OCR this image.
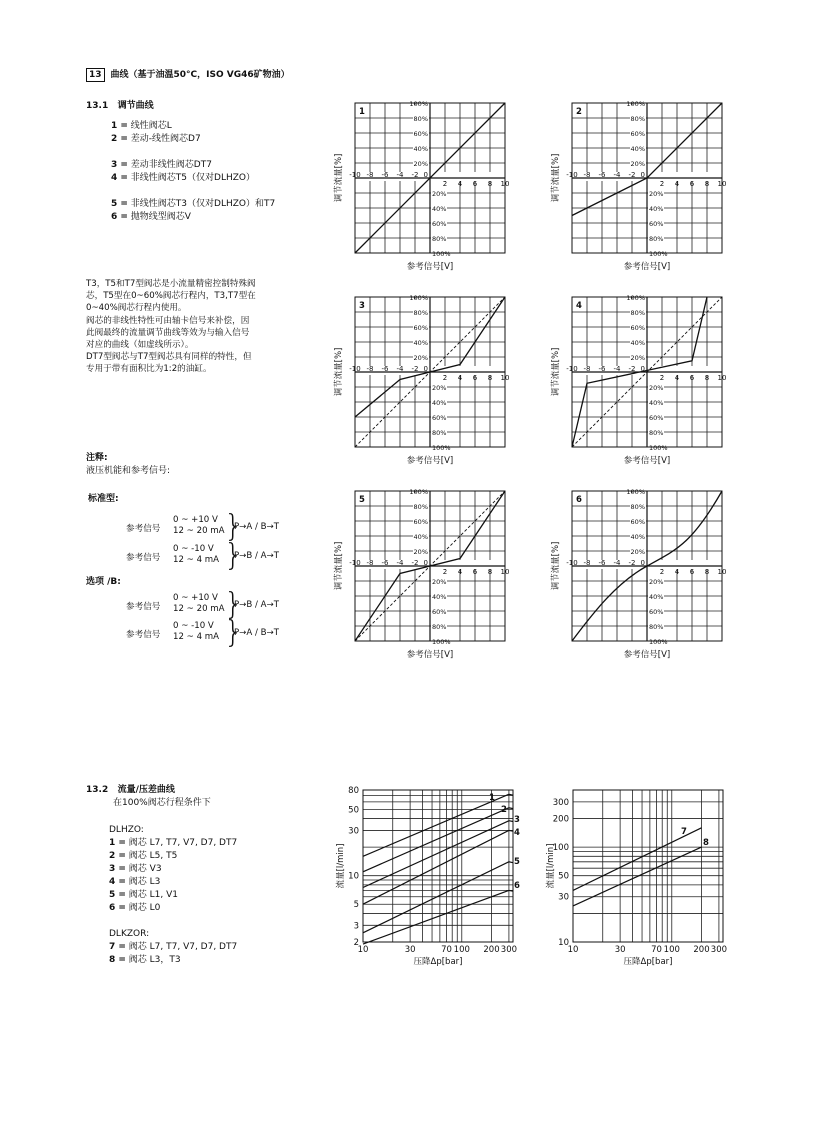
13 曲线（基于油温50°C，ISO VG46矿物油）
13.1 调节曲线
1 = 线性阀芯L
2 = 差动-线性阀芯D7
3 = 差动非线性阀芯DT7
4 = 非线性阀芯T5（仅对DLHZO）
5 = 非线性阀芯T3（仅对DLHZO）和T7
6 = 抛物线型阀芯V
T3，T5和T7型阀芯是小流量精密控制特殊阀
芯，T5型在0~60%阀芯行程内，T3,T7型在
0~40%阀芯行程内使用。
阀芯的非线性特性可由轴卡信号来补偿，因
此阀最终的流量调节曲线等效为与输入信号
对应的曲线（如虚线所示）。
DT7型阀芯与T7型阀芯具有同样的特性，但
专用于带有面积比为1:2的油缸。
注释:
液压机能和参考信号:
标准型:
选项 /B:
参考信号
0 ~ +10 V
12 ~ 20 mA }
P→A / B→T
参考信号
0 ~ -10 V
12 ~ 4 mA }
P→B / A→T
参考信号
0 ~ +10 V
12 ~ 20 mA }
P→B / A→T
参考信号
0 ~ -10 V
12 ~ 4 mA }
P→A / B→T
-10 -8 -6 -4 -2
2 4 6 8 10
0
100%
80%
60%
40%
20%
20%
40%
60%
80%
100%
1
参考信号[V]
调节流量[%]	-10 -8 -6 -4 -2
2 4 6 8 10
0
100%
80%
60%
40%
20%
20%
40%
60%
80%
100%
2
参考信号[V]
调节流量[%]
-10 -8 -6 -4 -2
2 4 6 8 10
0
100%
80%
60%
40%
20%
20%
40%
60%
80%
100%
3
参考信号[V]
调节流量[%]	-10 -8 -6 -4 -2
2 4 6 8 10
0
100%
80%
60%
40%
20%
20%
40%
60%
80%
100%
4
参考信号[V]
调节流量[%]
-10 -8 -6 -4 -2
2 4 6 8 10
0
100%
80%
60%
40%
20%
20%
40%
60%
80%
100%
5
参考信号[V]
调节流量[%]	-10 -8 -6 -4 -2
2 4 6 8 10
0
100%
80%
60%
40%
20%
20%
40%
60%
80%
100%
6
参考信号[V]
调节流量[%]
13.2 流量/压差曲线
在100%阀芯行程条件下
DLHZO:
1 = 阀芯 L7, T7, V7, D7, DT7
2 = 阀芯 L5, T5
3 = 阀芯 V3
4 = 阀芯 L3
5 = 阀芯 L1, V1
6 = 阀芯 L0
DLKZOR:
7 = 阀芯 L7, T7, V7, D7, DT7
8 = 阀芯 L3，T3
10	30	70 100 200 300
80
50
30
10
5
3
2
压降Δp[bar]
流量[l/min]
1
2
3
4
5
6
10	30	70 100 200 300
300
200
100
50
30
10
压降Δp[bar]
流量[l/min]
7
8
